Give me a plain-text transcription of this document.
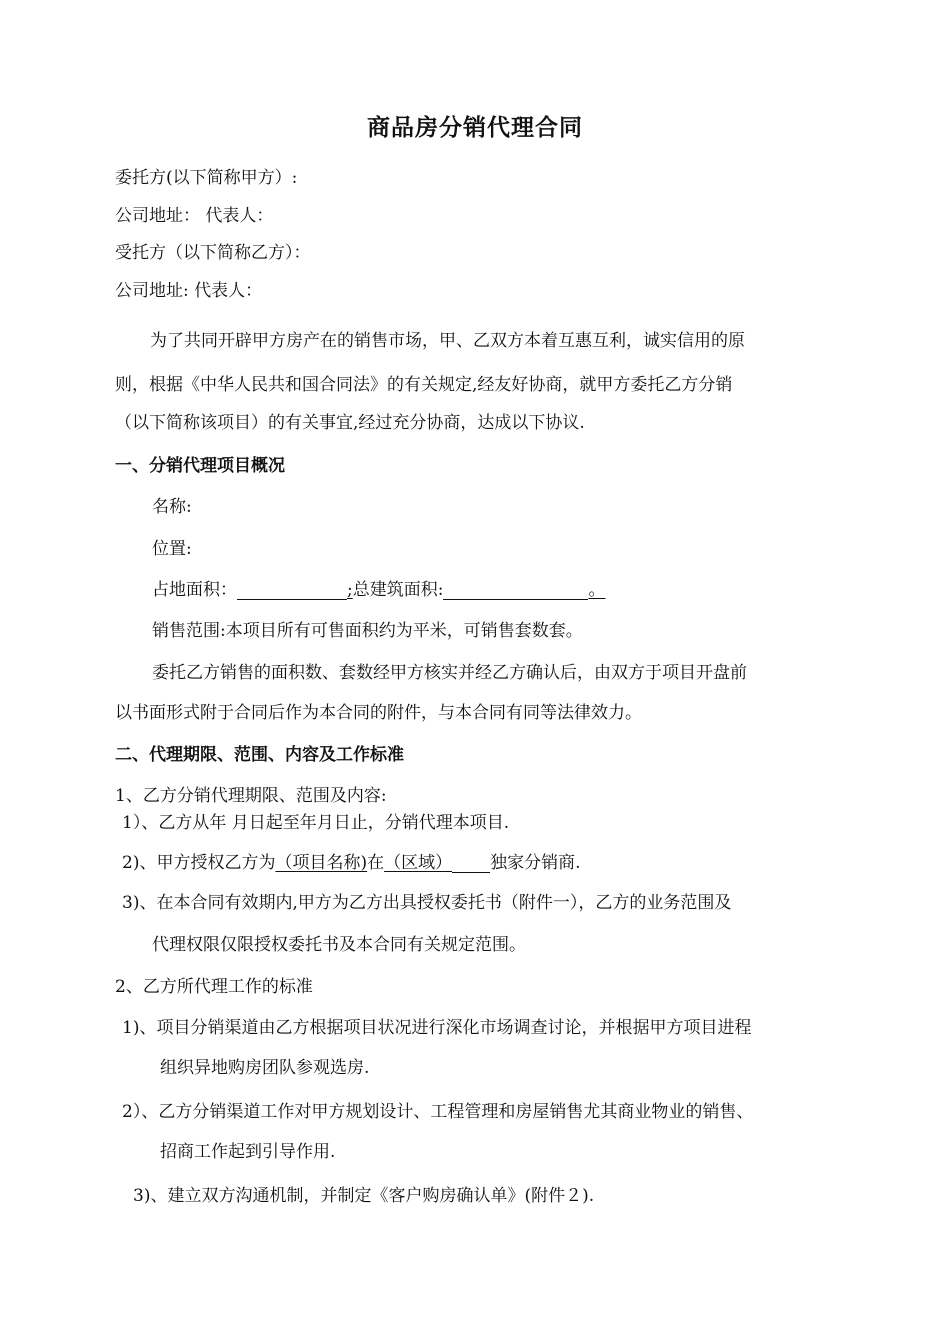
商品房分销代理合同
委托方(以下简称甲方）:
公司地址： 代表人：
受托方（以下简称乙方）：
公司地址: 代表人：
为了共同开辟甲方房产在的销售市场，甲、乙双方本着互惠互利，诚实信用的原
则，根据《中华人民共和国合同法》的有关规定,经友好协商，就甲方委托乙方分销
（以下简称该项目）的有关事宜,经过充分协商，达成以下协议.
一、分销代理项目概况
名称:
位置:
占地面积：	;总建筑面积:	。
销售范围:本项目所有可售面积约为平米，可销售套数套。
委托乙方销售的面积数、套数经甲方核实并经乙方确认后，由双方于项目开盘前
以书面形式附于合同后作为本合同的附件，与本合同有同等法律效力。
二、代理期限、范围、内容及工作标准
1、乙方分销代理期限、范围及内容:
1）、乙方从年 月日起至年月日止，分销代理本项目.
2)、甲方授权乙方为（项目名称)在（区域） 独家分销商.
3)、在本合同有效期内,甲方为乙方出具授权委托书（附件一），乙方的业务范围及
代理权限仅限授权委托书及本合同有关规定范围。
2、乙方所代理工作的标准
1)、项目分销渠道由乙方根据项目状况进行深化市场调查讨论，并根据甲方项目进程
组织异地购房团队参观选房.
2）、乙方分销渠道工作对甲方规划设计、工程管理和房屋销售尤其商业物业的销售、
招商工作起到引导作用.
3)、建立双方沟通机制，并制定《客户购房确认单》(附件２).
